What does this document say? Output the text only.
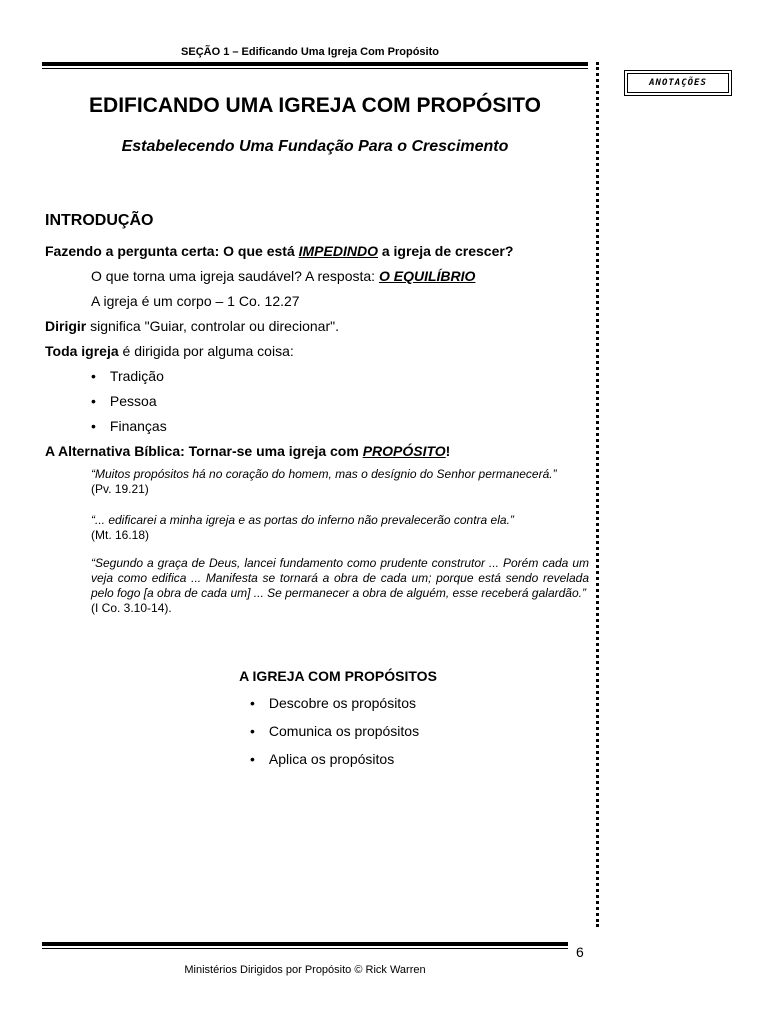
SEÇÃO 1 – Edificando Uma Igreja Com Propósito
ANOTAÇÕES
EDIFICANDO UMA IGREJA COM PROPÓSITO
Estabelecendo Uma Fundação Para o Crescimento
INTRODUÇÃO
Fazendo a pergunta certa: O que está IMPEDINDO a igreja de crescer?
O que torna uma igreja saudável? A resposta: O EQUILÍBRIO
A igreja é um corpo – 1 Co. 12.27
Dirigir significa "Guiar, controlar ou direcionar".
Toda igreja é dirigida por alguma coisa:
• Tradição
• Pessoa
• Finanças
A Alternativa Bíblica: Tornar-se uma igreja com PROPÓSITO!
“Muitos propósitos há no coração do homem, mas o desígnio do Senhor permanecerá.”
(Pv. 19.21)
“... edificarei a minha igreja e as portas do inferno não prevalecerão contra ela.”
(Mt. 16.18)
“Segundo a graça de Deus, lancei fundamento como prudente construtor ... Porém cada um veja como edifica ... Manifesta se tornará a obra de cada um; porque está sendo revelada pelo fogo [a obra de cada um] ... Se permanecer a obra de alguém, esse receberá galardão.”
(I Co. 3.10-14).
A IGREJA COM PROPÓSITOS
• Descobre os propósitos
• Comunica os propósitos
• Aplica os propósitos
6
Ministérios Dirigidos por Propósito © Rick Warren
